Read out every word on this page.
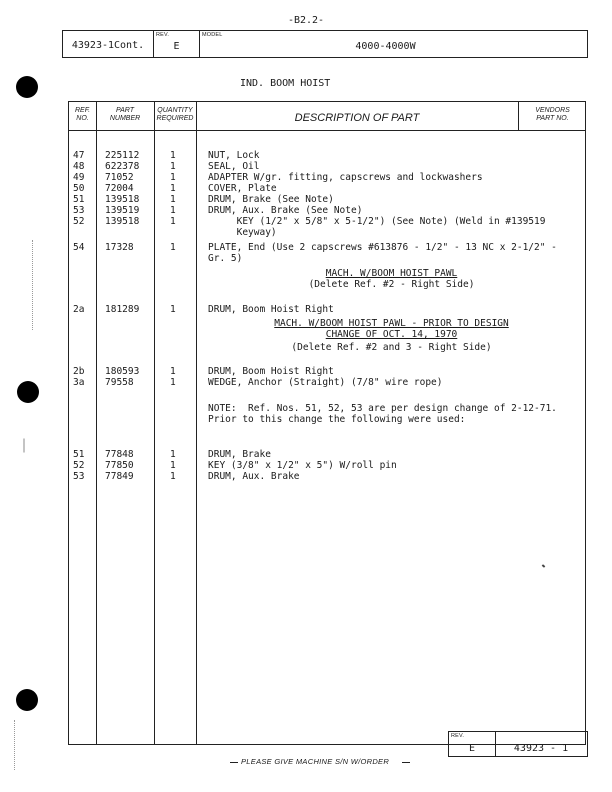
-B2.2-
43923-1Cont.
REV.
E
MODEL
4000-4000W
IND. BOOM HOIST
REF.
NO.
PART
NUMBER
QUANTITY
REQUIRED	DESCRIPTION OF PART
VENDORS
PART NO.

47	225112	1	NUT, Lock

48	622378	1	SEAL, Oil

49	71052	1	ADAPTER W/gr. fitting, capscrews and lockwashers

50	72004	1	COVER, Plate

51	139518	1	DRUM, Brake (See Note)

53	139519	1	DRUM, Aux. Brake (See Note)

52	139518	1	KEY (1/2" x 5/8" x 5-1/2") (See Note) (Weld in #139519

Keyway)

54	17328	1	PLATE, End (Use 2 capscrews #613876 - 1/2" - 13 NC x 2-1/2" -

Gr. 5)

MACH. W/BOOM HOIST PAWL
(Delete Ref. #2 - Right Side)

2a	181289	1	DRUM, Boom Hoist Right

MACH. W/BOOM HOIST PAWL - PRIOR TO DESIGN
CHANGE OF OCT. 14, 1970
(Delete Ref. #2 and 3 - Right Side)

2b	180593	1	DRUM, Boom Hoist Right

3a	79558	1	WEDGE, Anchor (Straight) (7/8" wire rope)

NOTE:  Ref. Nos. 51, 52, 53 are per design change of 2-12-71.
Prior to this change the following were used:

51	77848	1	DRUM, Brake

52	77850	1	KEY (3/8" x 1/2" x 5") W/roll pin

53	77849	1	DRUM, Aux. Brake

REV.
E	43923 - 1
PLEASE GIVE MACHINE S/N W/ORDER
